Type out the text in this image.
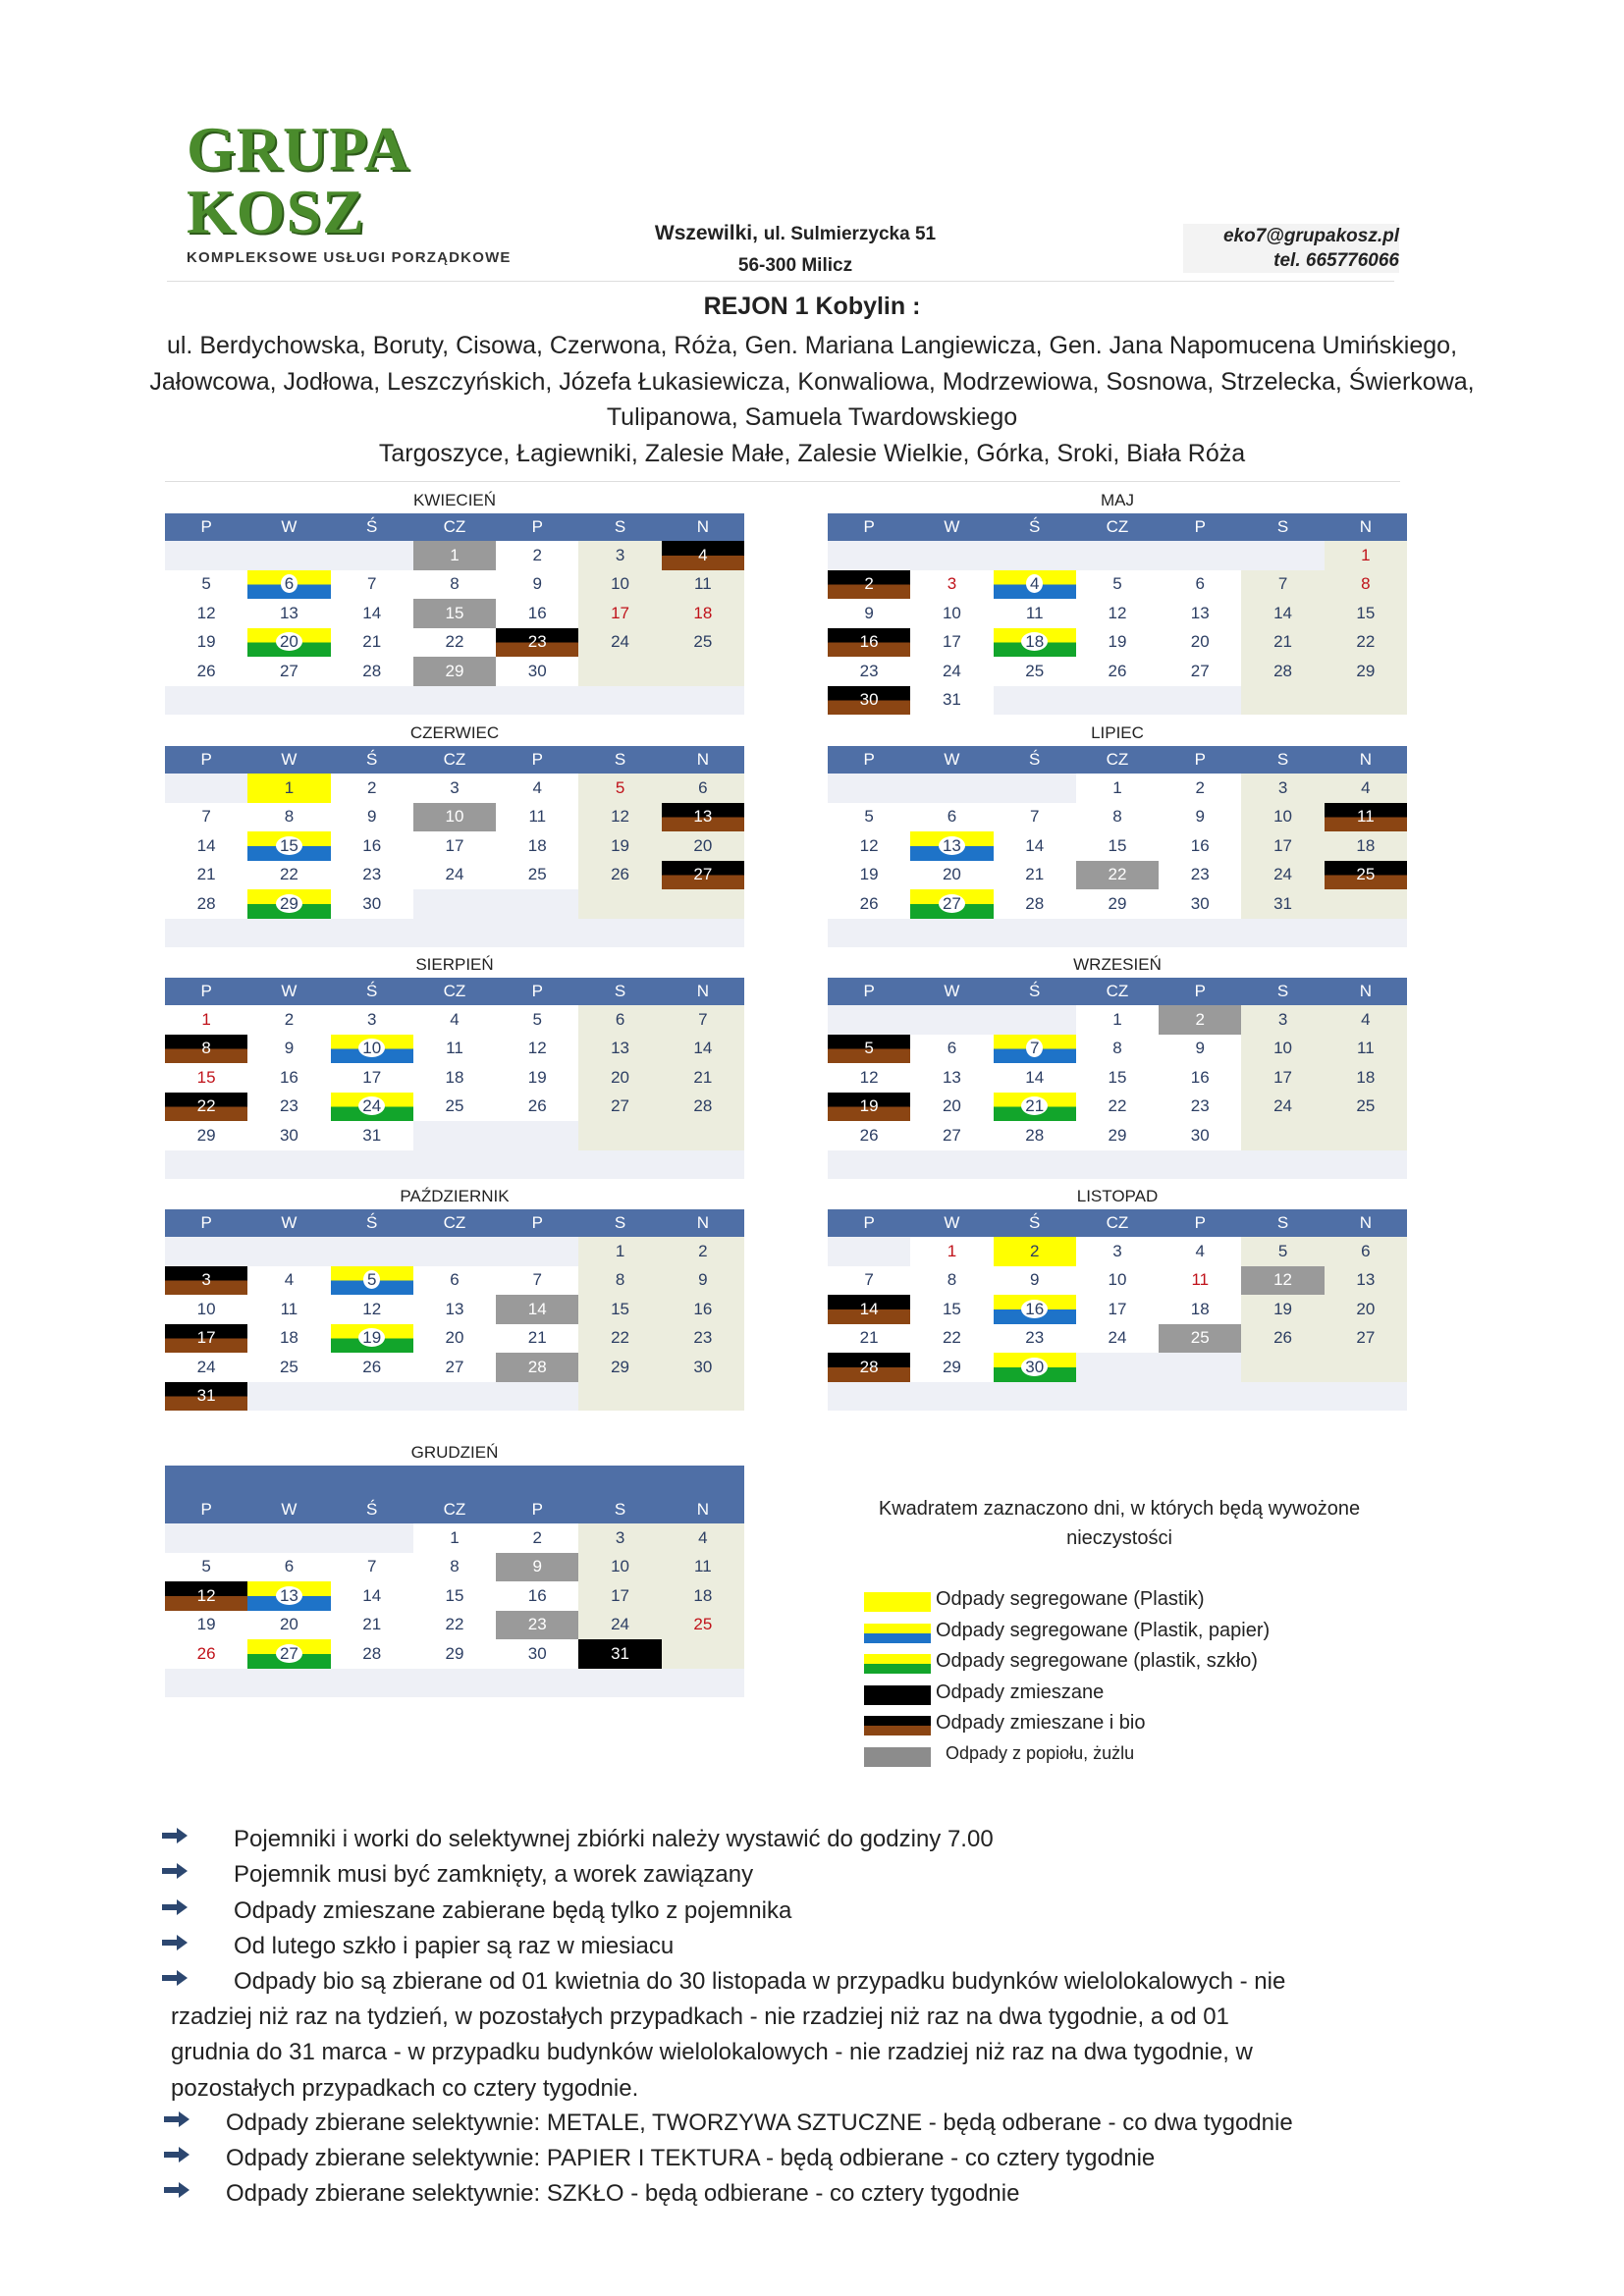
GRUPA KOSZ
KOMPLEKSOWE USŁUGI PORZĄDKOWE
Wszewilki, ul. Sulmierzycka 51
56-300 Milicz
eko7@grupakosz.pl
tel. 665776066
REJON 1 Kobylin :
ul. Berdychowska, Boruty, Cisowa, Czerwona, Róża, Gen. Mariana Langiewicza, Gen. Jana Napomucena Umińskiego, Jałowcowa, Jodłowa, Leszczyńskich, Józefa Łukasiewicza, Konwaliowa, Modrzewiowa, Sosnowa, Strzelecka, Świerkowa, Tulipanowa, Samuela Twardowskiego
Targoszyce, Łagiewniki, Zalesie Małe, Zalesie Wielkie, Górka, Sroki, Biała Róża
KWIECIEŃ
P	W	Ś	CZ	P	S	N
			1	2	3	4
5	6	7	8	9	10	11
12	13	14	15	16	17	18
19	20	21	22	23	24	25
26	27	28	29	30		

MAJ
P	W	Ś	CZ	P	S	N
						1
2	3	4	5	6	7	8
9	10	11	12	13	14	15
16	17	18	19	20	21	22
23	24	25	26	27	28	29
30	31					
CZERWIEC
P	W	Ś	CZ	P	S	N
	1	2	3	4	5	6
7	8	9	10	11	12	13
14	15	16	17	18	19	20
21	22	23	24	25	26	27
28	29	30				

LIPIEC
P	W	Ś	CZ	P	S	N
			1	2	3	4
5	6	7	8	9	10	11
12	13	14	15	16	17	18
19	20	21	22	23	24	25
26	27	28	29	30	31	

SIERPIEŃ
P	W	Ś	CZ	P	S	N
1	2	3	4	5	6	7
8	9	10	11	12	13	14
15	16	17	18	19	20	21
22	23	24	25	26	27	28
29	30	31				

WRZESIEŃ
P	W	Ś	CZ	P	S	N
			1	2	3	4
5	6	7	8	9	10	11
12	13	14	15	16	17	18
19	20	21	22	23	24	25
26	27	28	29	30		

PAŹDZIERNIK
P	W	Ś	CZ	P	S	N
					1	2
3	4	5	6	7	8	9
10	11	12	13	14	15	16
17	18	19	20	21	22	23
24	25	26	27	28	29	30
31						
LISTOPAD
P	W	Ś	CZ	P	S	N
	1	2	3	4	5	6
7	8	9	10	11	12	13
14	15	16	17	18	19	20
21	22	23	24	25	26	27
28	29	30				

GRUDZIEŃ
P	W	Ś	CZ	P	S	N
			1	2	3	4
5	6	7	8	9	10	11
12	13	14	15	16	17	18
19	20	21	22	23	24	25
26	27	28	29	30	31	

Kwadratem zaznaczono dni, w których będą wywożone nieczystości
Odpady segregowane (Plastik)
Odpady segregowane (Plastik, papier)
Odpady segregowane (plastik, szkło)
Odpady zmieszane
Odpady zmieszane i bio
Odpady z popiołu, żużlu
Pojemniki i worki do selektywnej zbiórki należy wystawić do godziny 7.00
Pojemnik musi być zamknięty, a worek zawiązany
Odpady zmieszane zabierane będą tylko z pojemnika
Od lutego szkło i papier są raz w miesiacu
Odpady bio są zbierane od 01 kwietnia do 30 listopada w przypadku budynków wielolokalowych - nie
rzadziej niż raz na tydzień, w pozostałych przypadkach - nie rzadziej niż raz na dwa tygodnie, a od 01
grudnia do 31 marca - w przypadku budynków wielolokalowych - nie rzadziej niż raz na dwa tygodnie, w
pozostałych przypadkach co cztery tygodnie.
Odpady zbierane selektywnie: METALE, TWORZYWA SZTUCZNE - będą odberane - co dwa tygodnie
Odpady zbierane selektywnie: PAPIER I TEKTURA - będą odbierane - co cztery tygodnie
Odpady zbierane selektywnie: SZKŁO - będą odbierane - co cztery tygodnie
